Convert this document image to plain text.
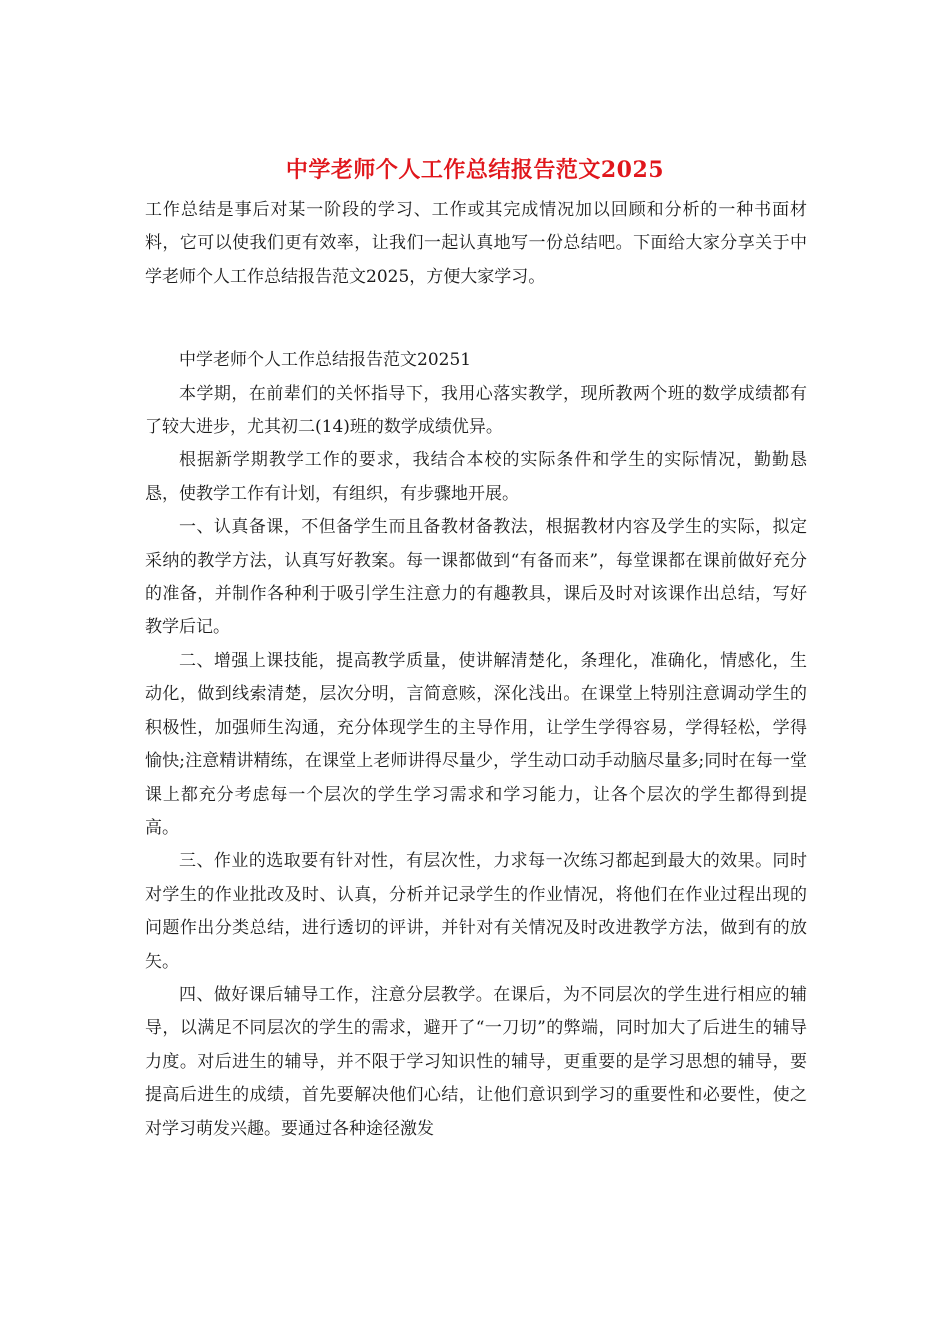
中学老师个人工作总结报告范文2025

工作总结是事后对某一阶段的学习、工作或其完成情况加以回顾和分析的一种书面材料，它可以使我们更有效率，让我们一起认真地写一份总结吧。下面给大家分享关于中学老师个人工作总结报告范文2025，方便大家学习。

中学老师个人工作总结报告范文20251

本学期，在前辈们的关怀指导下，我用心落实教学，现所教两个班的数学成绩都有了较大进步，尤其初二(14)班的数学成绩优异。

根据新学期教学工作的要求，我结合本校的实际条件和学生的实际情况，勤勤恳恳，使教学工作有计划，有组织，有步骤地开展。

一、认真备课，不但备学生而且备教材备教法，根据教材内容及学生的实际，拟定采纳的教学方法，认真写好教案。每一课都做到“有备而来”，每堂课都在课前做好充分的准备，并制作各种利于吸引学生注意力的有趣教具，课后及时对该课作出总结，写好教学后记。

二、增强上课技能，提高教学质量，使讲解清楚化，条理化，准确化，情感化，生动化，做到线索清楚，层次分明，言简意赅，深化浅出。在课堂上特别注意调动学生的积极性，加强师生沟通，充分体现学生的主导作用，让学生学得容易，学得轻松，学得愉快;注意精讲精练，在课堂上老师讲得尽量少，学生动口动手动脑尽量多;同时在每一堂课上都充分考虑每一个层次的学生学习需求和学习能力，让各个层次的学生都得到提高。

三、作业的选取要有针对性，有层次性，力求每一次练习都起到最大的效果。同时对学生的作业批改及时、认真，分析并记录学生的作业情况，将他们在作业过程出现的问题作出分类总结，进行透切的评讲，并针对有关情况及时改进教学方法，做到有的放矢。

四、做好课后辅导工作，注意分层教学。在课后，为不同层次的学生进行相应的辅导，以满足不同层次的学生的需求，避开了“一刀切”的弊端，同时加大了后进生的辅导力度。对后进生的辅导，并不限于学习知识性的辅导，更重要的是学习思想的辅导，要提高后进生的成绩，首先要解决他们心结，让他们意识到学习的重要性和必要性，使之对学习萌发兴趣。要通过各种途径激发
